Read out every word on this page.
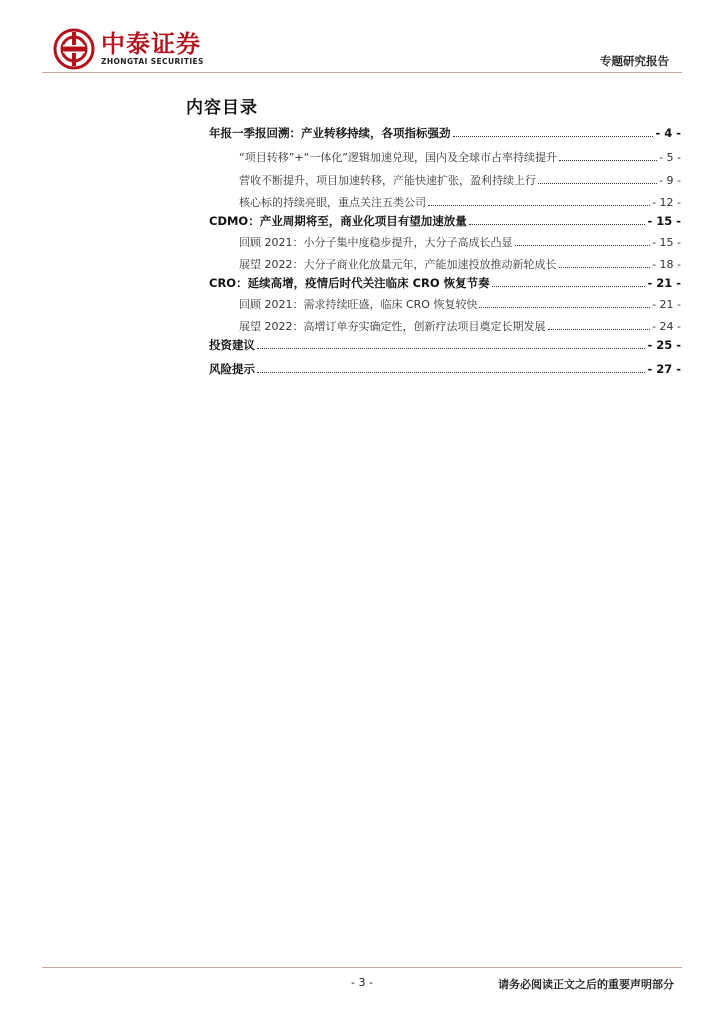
中泰证券
ZHONGTAI SECURITIES	专题研究报告
内容目录
年报一季报回溯：产业转移持续，各项指标强劲	- 4 -
“项目转移”+“一体化”逻辑加速兑现，国内及全球市占率持续提升	- 5 -
营收不断提升，项目加速转移，产能快速扩张，盈利持续上行	- 9 -
核心标的持续亮眼，重点关注五类公司	- 12 -
CDMO：产业周期将至，商业化项目有望加速放量	- 15 -
回顾 2021：小分子集中度稳步提升，大分子高成长凸显	- 15 -
展望 2022：大分子商业化放量元年，产能加速投放推动新轮成长	- 18 -
CRO：延续高增，疫情后时代关注临床 CRO 恢复节奏	- 21 -
回顾 2021：需求持续旺盛，临床 CRO 恢复较快	- 21 -
展望 2022：高增订单夯实确定性，创新疗法项目奠定长期发展	- 24 -
投资建议	- 25 -
风险提示	- 27 -
- 3 -	请务必阅读正文之后的重要声明部分
